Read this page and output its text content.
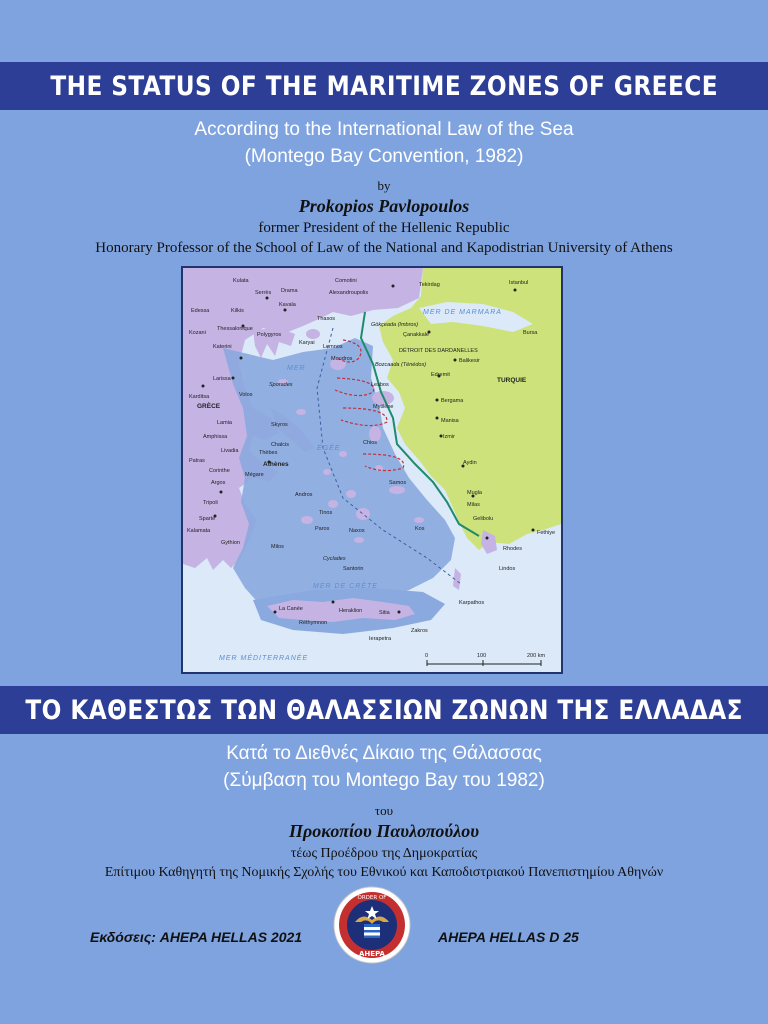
THE STATUS OF THE MARITIME ZONES OF GREECE
According to the International Law of the Sea
(Montego Bay Convention, 1982)
by
Prokopios Pavlopoulos
former President of the Hellenic Republic
Honorary Professor of the School of Law of the National and Kapodistrian University of Athens
GRÈCE
TURQUIE
MER
ÉGÉE
MER DE CRÈTE
MER MÉDITERRANÉE
MER DE MARMARA
Sporades
Cyclades
Kulata
Serrès Drama
Kavala
Kilkis
Edessa
Thessalonique
Kozani
Katerini
Polygyros
Karyai
Thasos
Larissa
Karditsa	Volos
Lamia
Amphissa
Livadia
Chalcis
Thèbes
Athènes
Mégare
Corinthe
Argos
Patras
Tripoli
Sparte
Kalamata
Gythion
Skyros
Lemnos
Moudros
Lesbos
Mytilène
Chios
Samos
Andros
Tinos
Naxos
Paros
Milos
Santorin
Kos
Comotini
Alexandroupolis
Tekirdag	Istanbul
Bursa
Çanakkale
Gökçeada (Imbros)
Bozcaada (Ténédos)
DÉTROIT DES DARDANELLES
Balikesir
Edremit
Bergama
Manisa
Izmir
Aydin
Mugla
Milas
Gelibolu
Fethiye
Rhodes
Lindos
Karpathos
Heraklion
La Canée
Réthymnon
Zakros
Ierapetra
Sitia
0	100	200 km
ΤΟ ΚΑΘΕΣΤΩΣ ΤΩΝ ΘΑΛΑΣΣΙΩΝ ΖΩΝΩΝ ΤΗΣ ΕΛΛΑΔΑΣ
Κατά το Διεθνές Δίκαιο της Θάλασσας
(Σύμβαση του Montego Bay του 1982)
του
Προκοπίου Παυλοπούλου
τέως Προέδρου της Δημοκρατίας
Επίτιμου Καθηγητή της Νομικής Σχολής του Εθνικού και Καποδιστριακού Πανεπιστημίου Αθηνών
Εκδόσεις: AHEPA HELLAS 2021	AHEPA HELLAS D 25
ORDER OF
AHEPA
